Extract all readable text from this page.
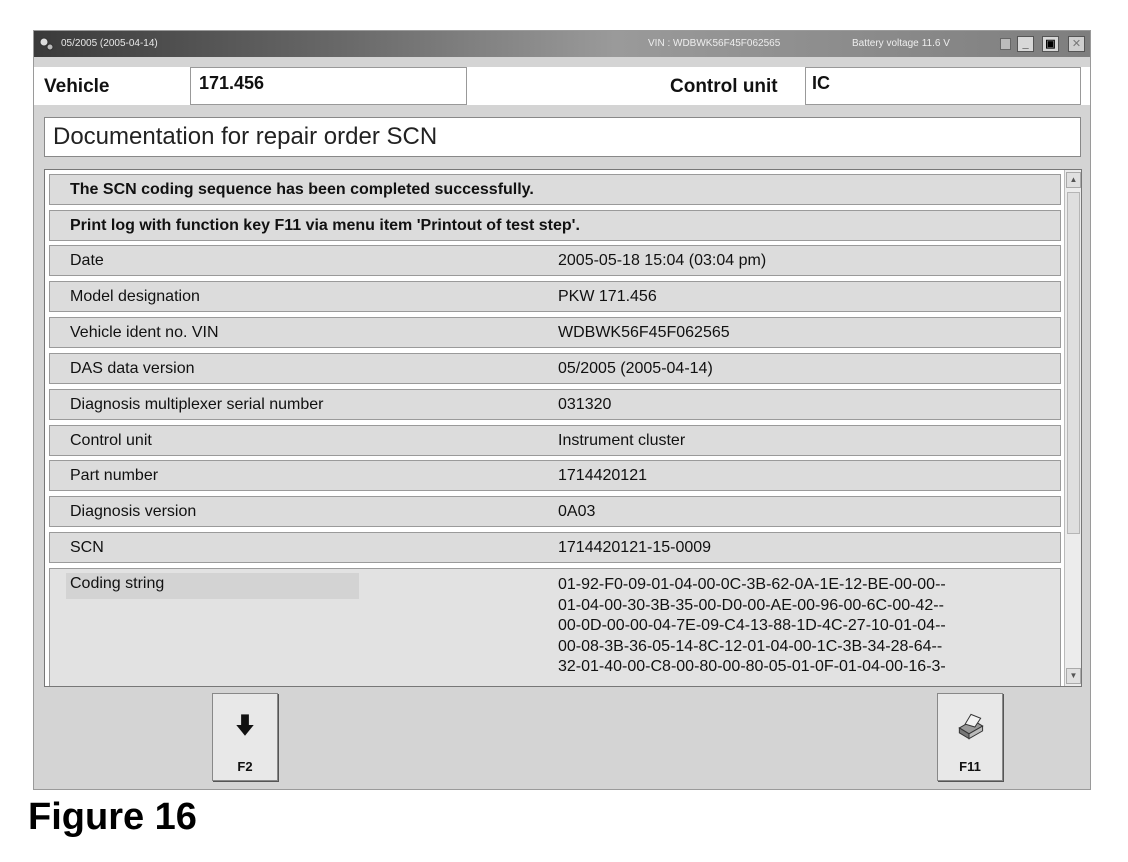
05/2005 (2005-04-14)	VIN : WDBWK56F45F062565	Battery voltage 11.6 V	_	▣	✕
Vehicle	171.456	Control unit	IC
Documentation for repair order SCN
The SCN coding sequence has been completed successfully.
Print log with function key F11 via menu item 'Printout of test step'.
Date	2005-05-18 15:04 (03:04 pm)
Model designation	PKW 171.456
Vehicle ident no. VIN	WDBWK56F45F062565
DAS data version	05/2005 (2005-04-14)
Diagnosis multiplexer serial number	031320
Control unit	Instrument cluster
Part number	1714420121
Diagnosis version	0A03
SCN	1714420121-15-0009
Coding string	01-92-F0-09-01-04-00-0C-3B-62-0A-1E-12-BE-00-00--
01-04-00-30-3B-35-00-D0-00-AE-00-96-00-6C-00-42--
00-0D-00-00-04-7E-09-C4-13-88-1D-4C-27-10-01-04--
00-08-3B-36-05-14-8C-12-01-04-00-1C-3B-34-28-64--
32-01-40-00-C8-00-80-00-80-05-01-0F-01-04-00-16-3-
▲
▼
F2	F11
Figure 16
